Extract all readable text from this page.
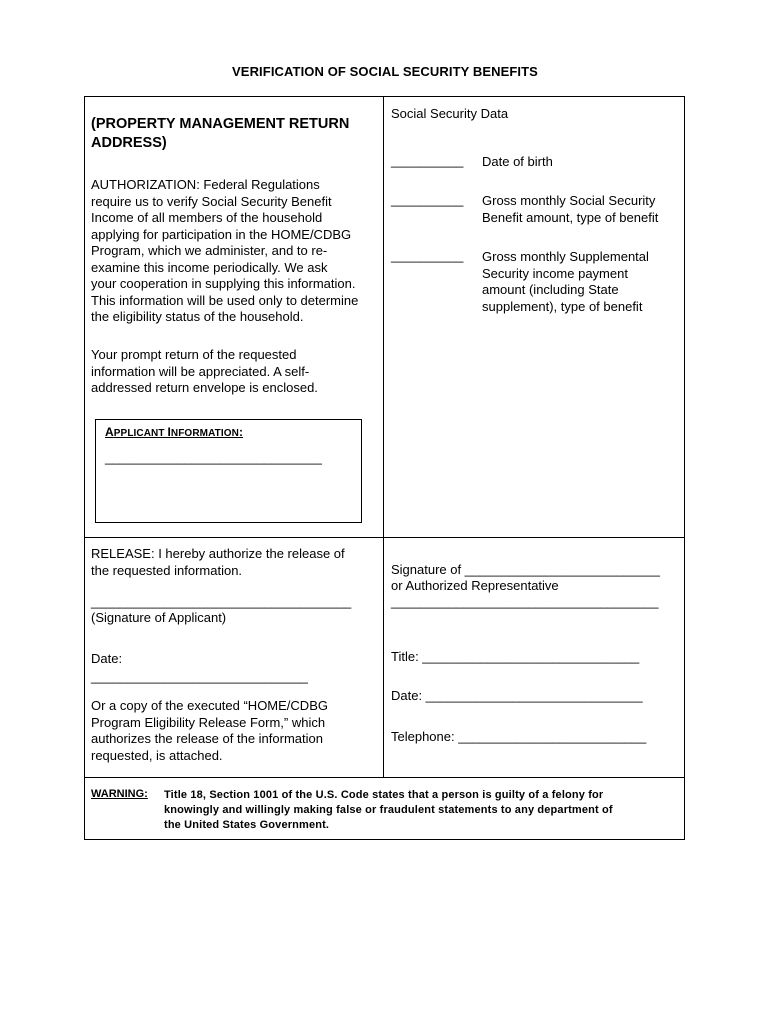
VERIFICATION OF SOCIAL SECURITY BENEFITS
(PROPERTY MANAGEMENT RETURN
ADDRESS)
AUTHORIZATION: Federal Regulations
require us to verify Social Security Benefit
Income of all members of the household
applying for participation in the HOME/CDBG
Program, which we administer, and to re-
examine this income periodically. We ask
your cooperation in supplying this information.
This information will be used only to determine
the eligibility status of the household.
Your prompt return of the requested
information will be appreciated. A self-
addressed return envelope is enclosed.
APPLICANT INFORMATION:
______________________________
Social Security Data
__________ Date of birth
__________ Gross monthly Social Security
Benefit amount, type of benefit
__________ Gross monthly Supplemental
Security income payment
amount (including State
supplement), type of benefit
RELEASE: I hereby authorize the release of
the requested information.
____________________________________
(Signature of Applicant)
Date:
______________________________
Or a copy of the executed “HOME/CDBG
Program Eligibility Release Form,” which
authorizes the release of the information
requested, is attached.
Signature of ___________________________
or Authorized Representative
_____________________________________
Title: ______________________________
Date: ______________________________
Telephone: __________________________
WARNING: Title 18, Section 1001 of the U.S. Code states that a person is guilty of a felony for
knowingly and willingly making false or fraudulent statements to any department of
the United States Government.
